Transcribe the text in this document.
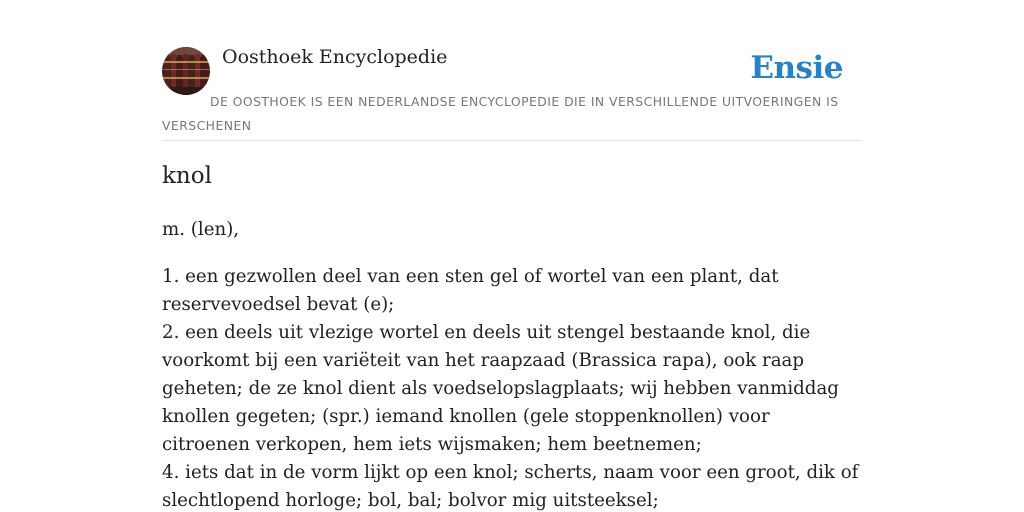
Oosthoek Encyclopedie	Ensie
DE OOSTHOEK IS EEN NEDERLANDSE ENCYCLOPEDIE DIE IN VERSCHILLENDE UITVOERINGEN IS VERSCHENEN
knol

m. (len),

1. een gezwollen deel van een sten gel of wortel van een plant, dat reservevoedsel bevat (e);

2. een deels uit vlezige wortel en deels uit stengel bestaande knol, die voorkomt bij een variëteit van het raapzaad (Brassica rapa), ook raap geheten; de ze knol dient als voedselopslagplaats; wij hebben vanmiddag knollen gegeten; (spr.) iemand knollen (gele stoppenknollen) voor citroenen verkopen, hem iets wijsmaken; hem beetnemen;

4. iets dat in de vorm lijkt op een knol; scherts, naam voor een groot, dik of slechtlopend horloge; bol, bal; bolvor mig uitsteeksel;
